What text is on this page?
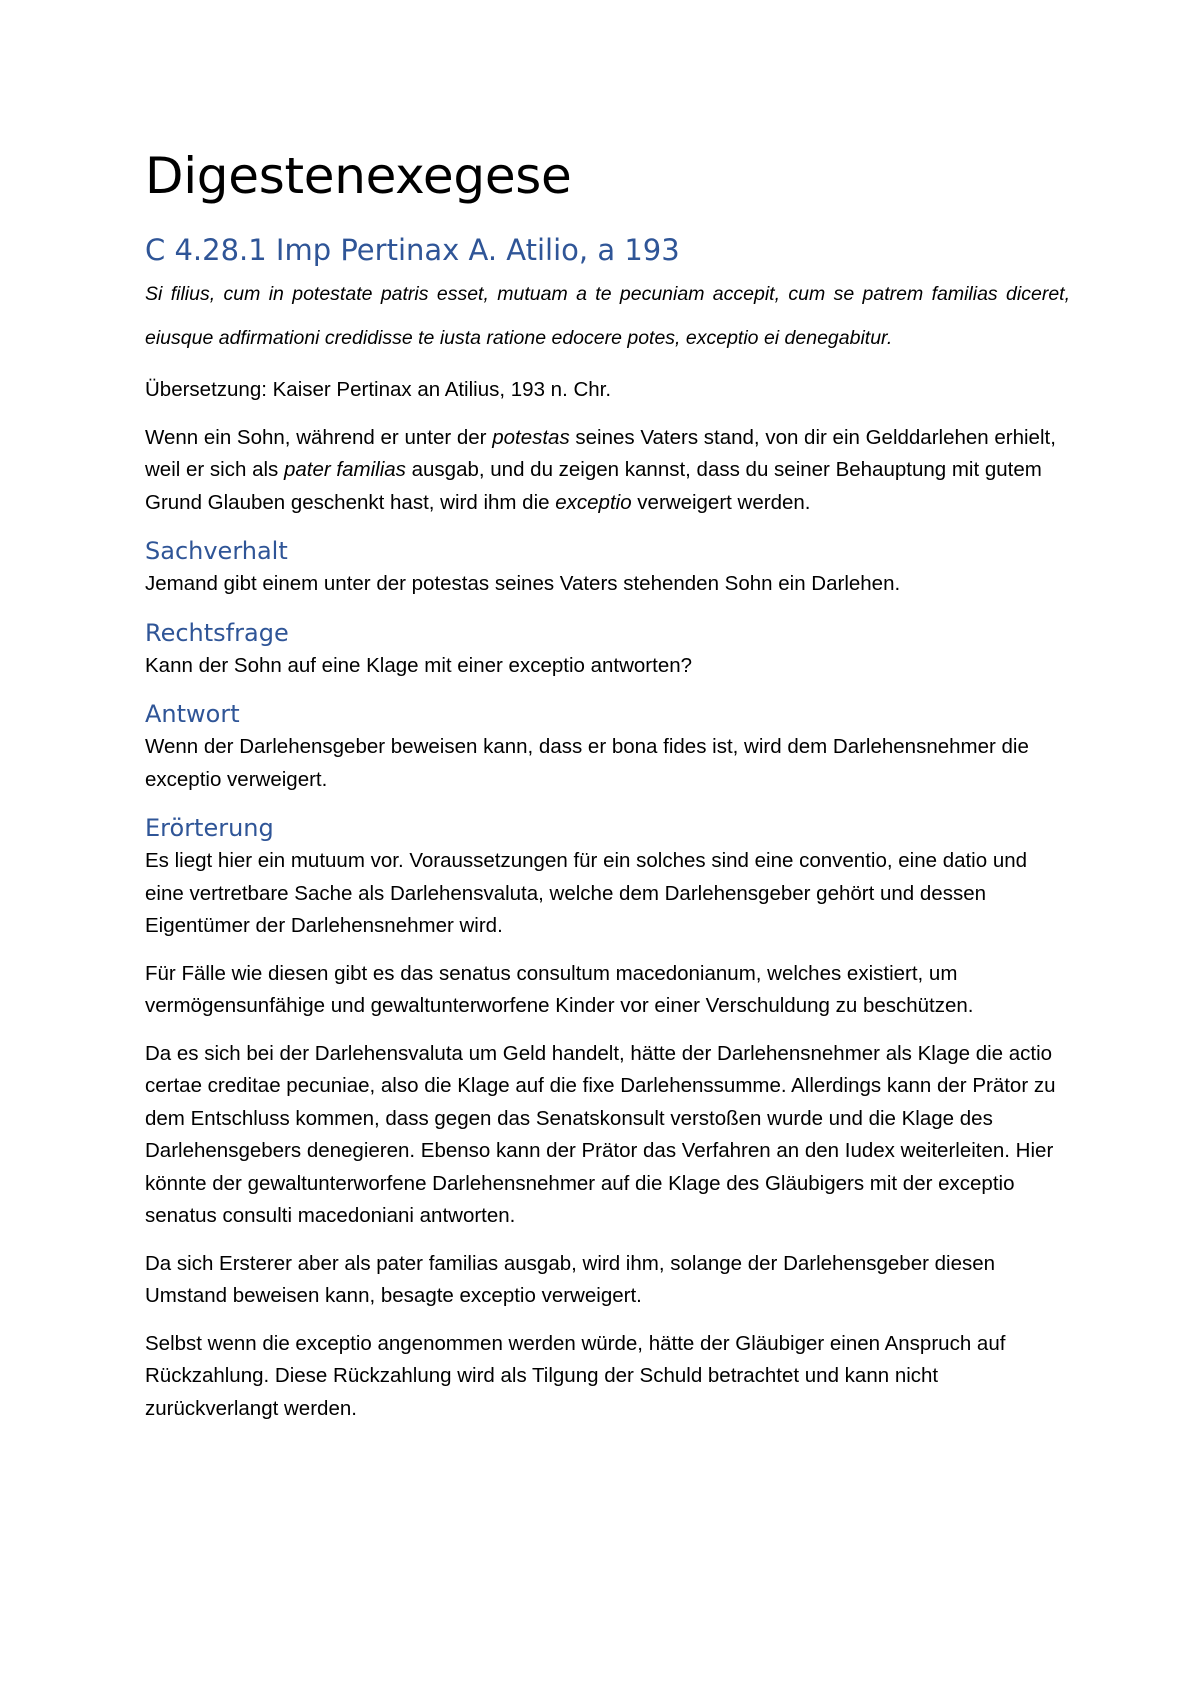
Digestenexegese
C 4.28.1 Imp Pertinax A. Atilio, a 193

Si filius, cum in potestate patris esset, mutuam a te pecuniam accepit, cum se patrem familias diceret, eiusque adfirmationi credidisse te iusta ratione edocere potes, exceptio ei denegabitur.

Übersetzung: Kaiser Pertinax an Atilius, 193 n. Chr.

Wenn ein Sohn, während er unter der potestas seines Vaters stand, von dir ein Gelddarlehen erhielt, weil er sich als pater familias ausgab, und du zeigen kannst, dass du seiner Behauptung mit gutem Grund Glauben geschenkt hast, wird ihm die exceptio verweigert werden.

Sachverhalt

Jemand gibt einem unter der potestas seines Vaters stehenden Sohn ein Darlehen.

Rechtsfrage

Kann der Sohn auf eine Klage mit einer exceptio antworten?

Antwort

Wenn der Darlehensgeber beweisen kann, dass er bona fides ist, wird dem Darlehensnehmer die exceptio verweigert.

Erörterung

Es liegt hier ein mutuum vor. Voraussetzungen für ein solches sind eine conventio, eine datio und eine vertretbare Sache als Darlehensvaluta, welche dem Darlehensgeber gehört und dessen Eigentümer der Darlehensnehmer wird.

Für Fälle wie diesen gibt es das senatus consultum macedonianum, welches existiert, um vermögensunfähige und gewaltunterworfene Kinder vor einer Verschuldung zu beschützen.

Da es sich bei der Darlehensvaluta um Geld handelt, hätte der Darlehensnehmer als Klage die actio certae creditae pecuniae, also die Klage auf die fixe Darlehenssumme. Allerdings kann der Prätor zu dem Entschluss kommen, dass gegen das Senatskonsult verstoßen wurde und die Klage des Darlehensgebers denegieren. Ebenso kann der Prätor das Verfahren an den Iudex weiterleiten. Hier könnte der gewaltunterworfene Darlehensnehmer auf die Klage des Gläubigers mit der exceptio senatus consulti macedoniani antworten.

Da sich Ersterer aber als pater familias ausgab, wird ihm, solange der Darlehensgeber diesen Umstand beweisen kann, besagte exceptio verweigert.

Selbst wenn die exceptio angenommen werden würde, hätte der Gläubiger einen Anspruch auf Rückzahlung. Diese Rückzahlung wird als Tilgung der Schuld betrachtet und kann nicht zurückverlangt werden.
